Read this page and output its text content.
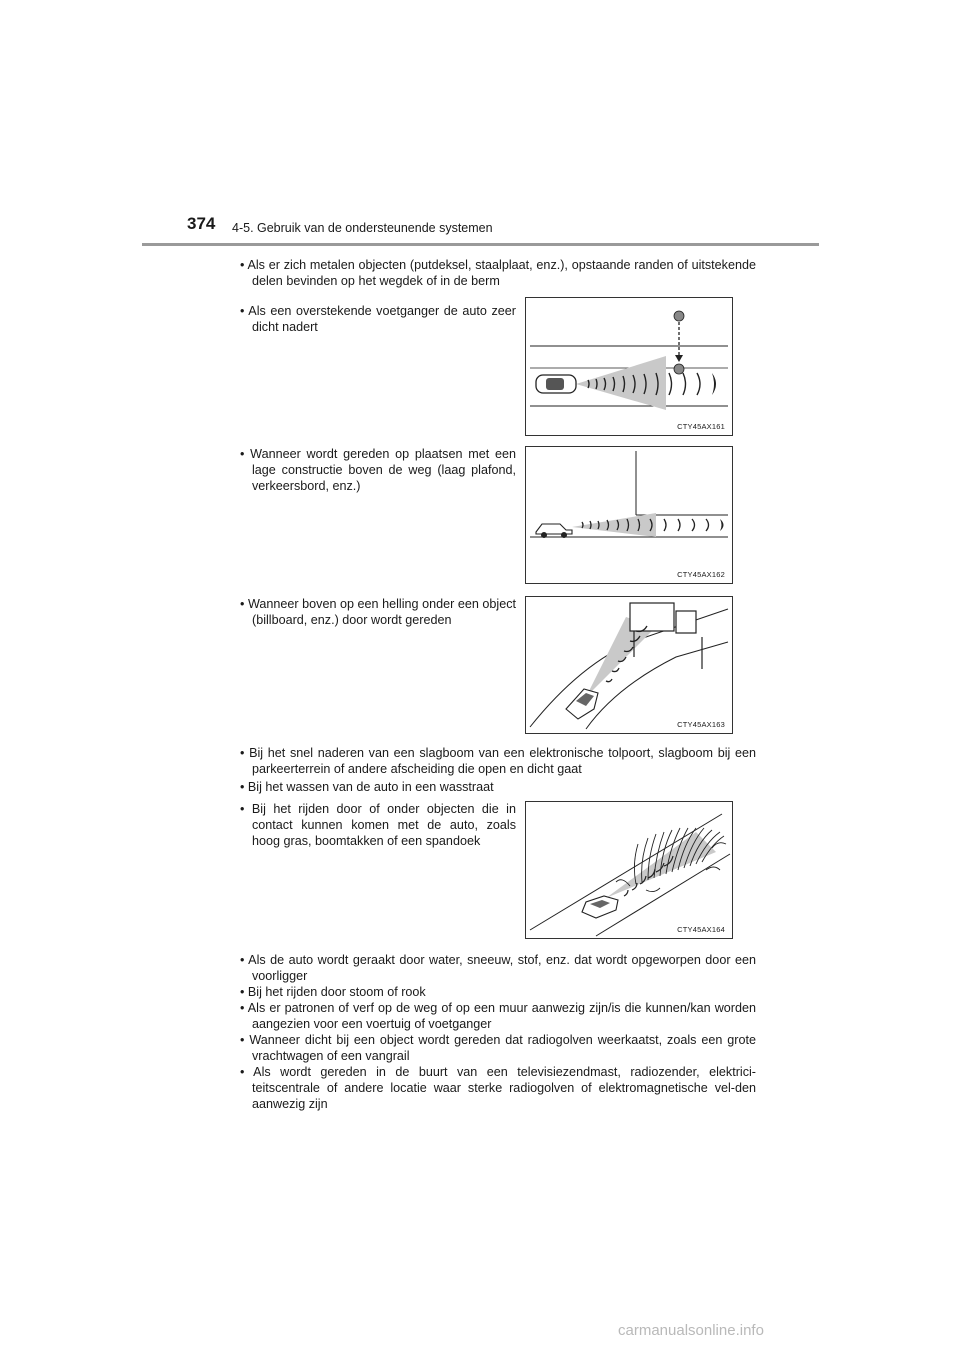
374 4-5. Gebruik van de ondersteunende systemen
• Als er zich metalen objecten (putdeksel, staalplaat, enz.), opstaande randen of uitstekende delen bevinden op het wegdek of in de berm
• Als een overstekende voetganger de auto zeer dicht nadert
• Wanneer wordt gereden op plaatsen met een lage constructie boven de weg (laag plafond, verkeersbord, enz.)
• Wanneer boven op een helling onder een object (billboard, enz.) door wordt gereden
• Bij het snel naderen van een slagboom van een elektronische tolpoort, slagboom bij een parkeerterrein of andere afscheiding die open en dicht gaat
• Bij het wassen van de auto in een wasstraat
• Bij het rijden door of onder objecten die in contact kunnen komen met de auto, zoals hoog gras, boomtakken of een spandoek
• Als de auto wordt geraakt door water, sneeuw, stof, enz. dat wordt opgeworpen door een voorligger
• Bij het rijden door stoom of rook
• Als er patronen of verf op de weg of op een muur aanwezig zijn/is die kunnen/kan worden aangezien voor een voertuig of voetganger
• Wanneer dicht bij een object wordt gereden dat radiogolven weerkaatst, zoals een grote vrachtwagen of een vangrail
• Als wordt gereden in de buurt van een televisiezendmast, radiozender, elektrici-teitscentrale of andere locatie waar sterke radiogolven of elektromagnetische vel-den aanwezig zijn
CTY45AX161
CTY45AX162
CTY45AX163
CTY45AX164
carmanualsonline.info
